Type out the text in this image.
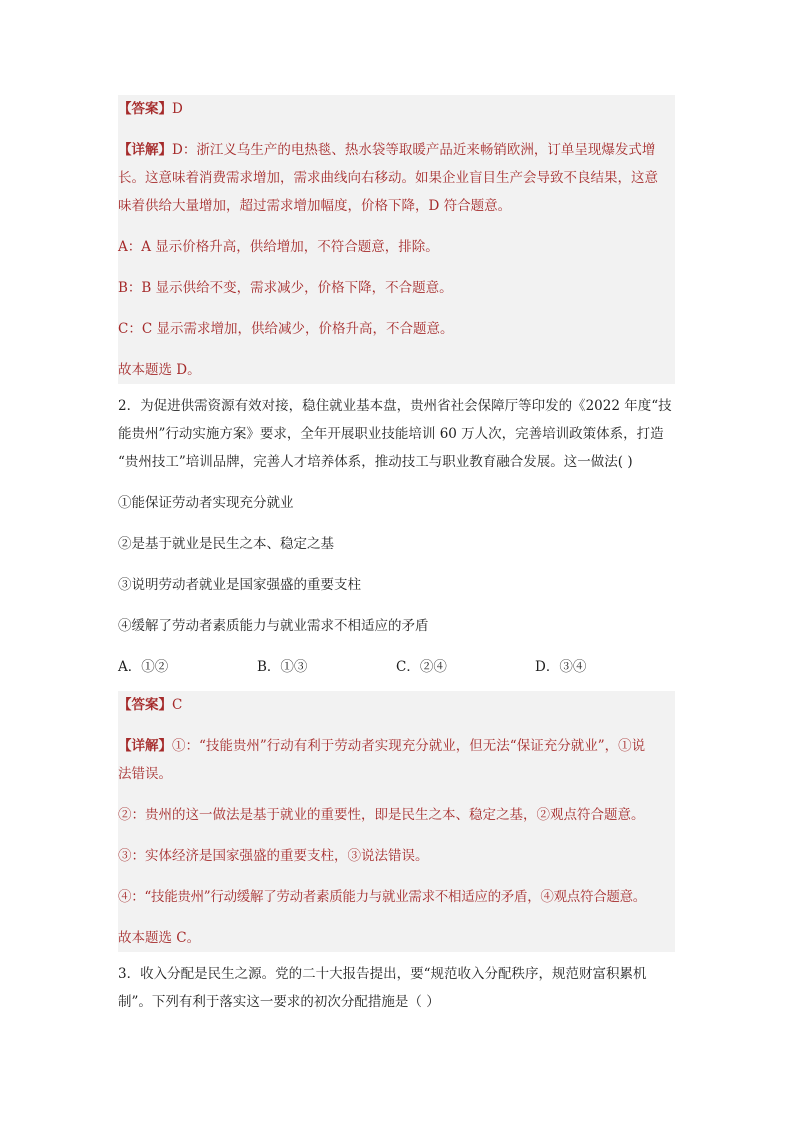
【答案】D
【详解】D：浙江义乌生产的电热毯、热水袋等取暖产品近来畅销欧洲，订单呈现爆发式增
长。这意味着消费需求增加，需求曲线向右移动。如果企业盲目生产会导致不良结果，这意
味着供给大量增加，超过需求增加幅度，价格下降，D 符合题意。
A：A 显示价格升高，供给增加，不符合题意，排除。
B：B 显示供给不变，需求减少，价格下降，不合题意。
C：C 显示需求增加，供给减少，价格升高，不合题意。
故本题选 D。
2．为促进供需资源有效对接，稳住就业基本盘，贵州省社会保障厅等印发的《2022 年度“技
能贵州”行动实施方案》要求，全年开展职业技能培训 60 万人次，完善培训政策体系，打造
“贵州技工”培训品牌，完善人才培养体系，推动技工与职业教育融合发展。这一做法( )
①能保证劳动者实现充分就业
②是基于就业是民生之本、稳定之基
③说明劳动者就业是国家强盛的重要支柱
④缓解了劳动者素质能力与就业需求不相适应的矛盾
A．①②	B．①③	C．②④	D．③④
【答案】C
【详解】①：“技能贵州”行动有利于劳动者实现充分就业，但无法“保证充分就业”，①说
法错误。
②：贵州的这一做法是基于就业的重要性，即是民生之本、稳定之基，②观点符合题意。
③：实体经济是国家强盛的重要支柱，③说法错误。
④：“技能贵州”行动缓解了劳动者素质能力与就业需求不相适应的矛盾，④观点符合题意。
故本题选 C。
3．收入分配是民生之源。党的二十大报告提出，要“规范收入分配秩序，规范财富积累机
制”。下列有利于落实这一要求的初次分配措施是（ ）
